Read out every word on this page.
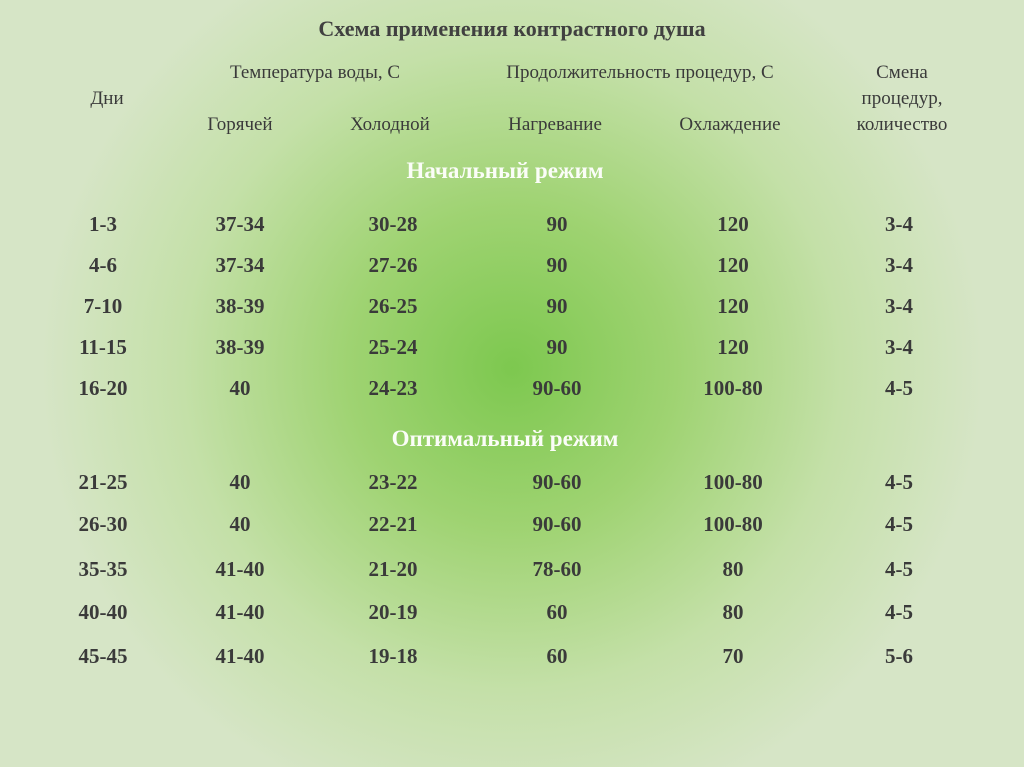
Схема применения контрастного душа
Дни
Температура воды, С
Горячей	Холодной
Продолжительность процедур, С
Нагревание	Охлаждение
Смена
процедур,
количество
Начальный режим
1-3	37-34	30-28	90	120	3-4
4-6	37-34	27-26	90	120	3-4
7-10	38-39	26-25	90	120	3-4
11-15	38-39	25-24	90	120	3-4
16-20	40	24-23	90-60	100-80	4-5
Оптимальный режим
21-25	40	23-22	90-60	100-80	4-5
26-30	40	22-21	90-60	100-80	4-5
35-35	41-40	21-20	78-60	80	4-5
40-40	41-40	20-19	60	80	4-5
45-45	41-40	19-18	60	70	5-6
